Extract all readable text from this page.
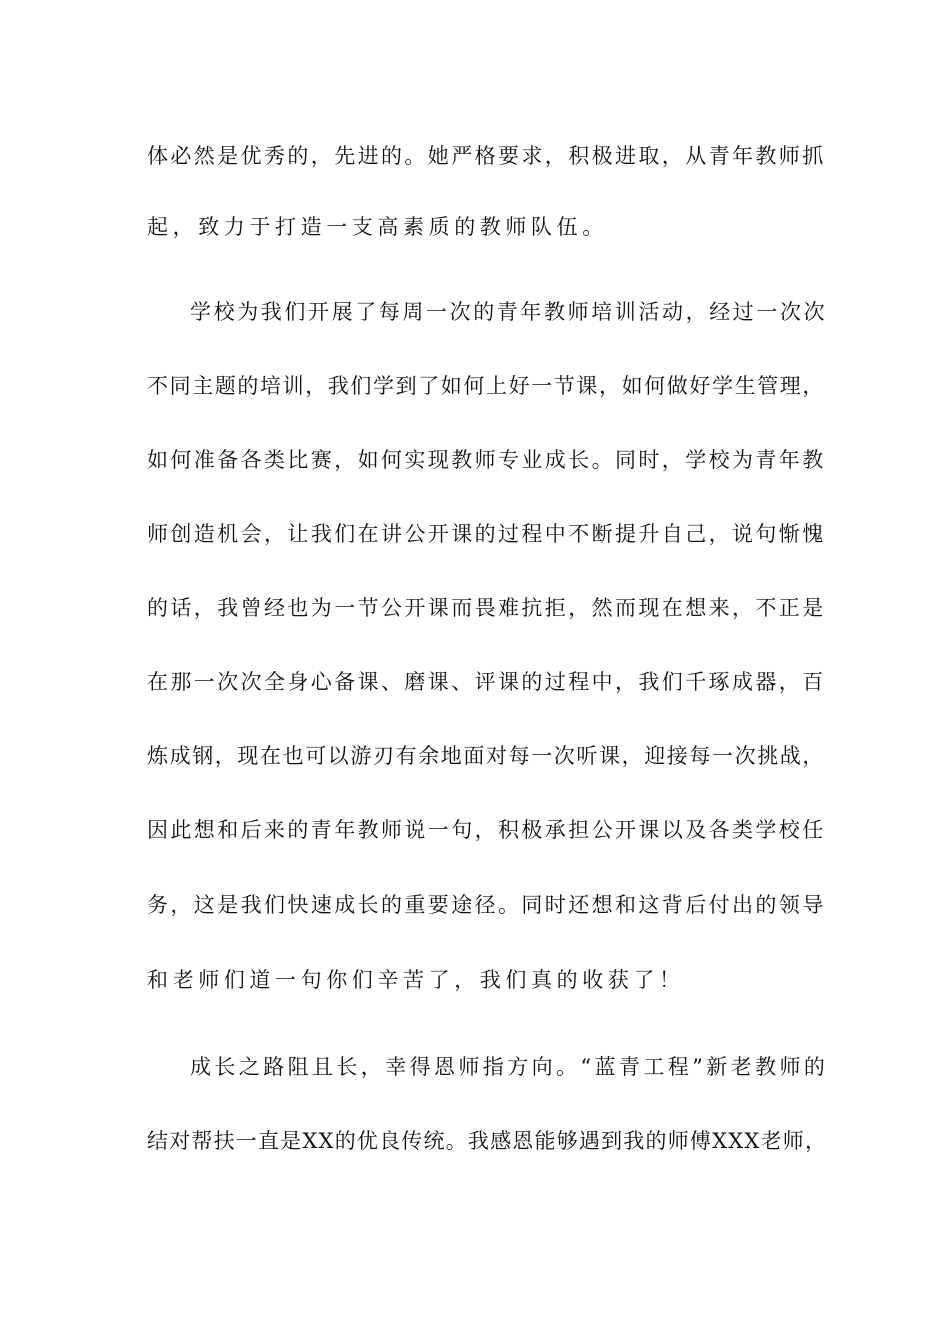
体必然是优秀的，先进的。她严格要求，积极进取，从青年教师抓
起，致力于打造一支高素质的教师队伍。
学校为我们开展了每周一次的青年教师培训活动，经过一次次
不同主题的培训，我们学到了如何上好一节课，如何做好学生管理，
如何准备各类比赛，如何实现教师专业成长。同时，学校为青年教
师创造机会，让我们在讲公开课的过程中不断提升自己，说句惭愧
的话，我曾经也为一节公开课而畏难抗拒，然而现在想来，不正是
在那一次次全身心备课、磨课、评课的过程中，我们千琢成器，百
炼成钢，现在也可以游刃有余地面对每一次听课，迎接每一次挑战，
因此想和后来的青年教师说一句，积极承担公开课以及各类学校任
务，这是我们快速成长的重要途径。同时还想和这背后付出的领导
和老师们道一句你们辛苦了，我们真的收获了！
成长之路阻且长，幸得恩师指方向。“蓝青工程”新老教师的
结对帮扶一直是XX的优良传统。我感恩能够遇到我的师傅XXX老师，
